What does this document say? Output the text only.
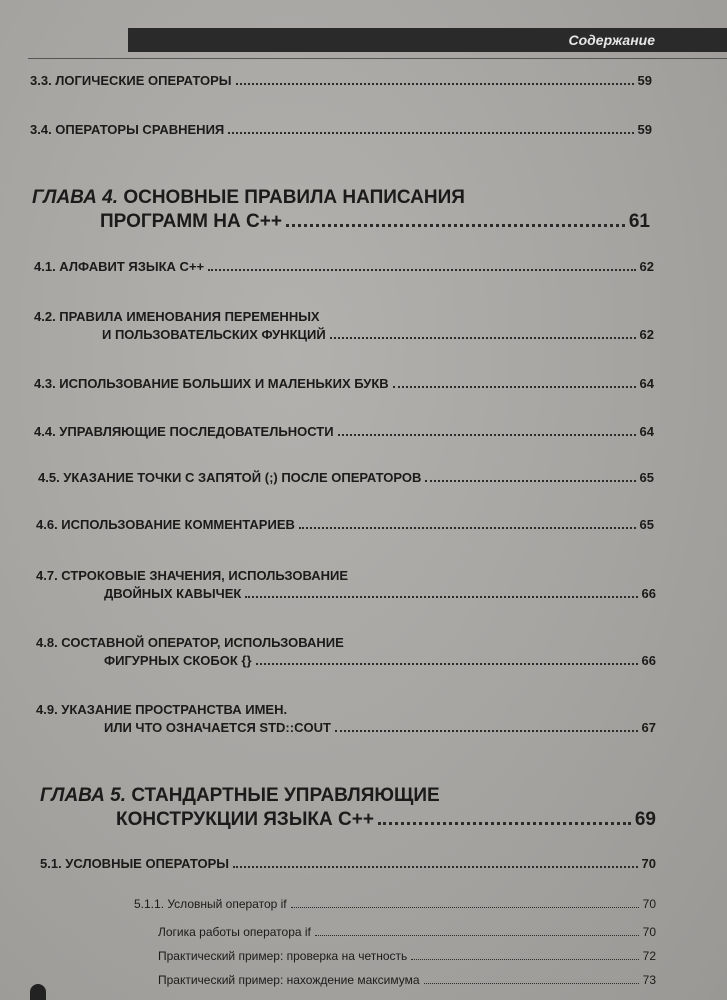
Содержание
3.3. ЛОГИЧЕСКИЕ ОПЕРАТОРЫ	59
3.4. ОПЕРАТОРЫ СРАВНЕНИЯ	59
ГЛАВА 4. ОСНОВНЫЕ ПРАВИЛА НАПИСАНИЯ
ПРОГРАММ НА C++	61
4.1. АЛФАВИТ ЯЗЫКА C++	62
4.2. ПРАВИЛА ИМЕНОВАНИЯ ПЕРЕМЕННЫХ
И ПОЛЬЗОВАТЕЛЬСКИХ ФУНКЦИЙ	62
4.3. ИСПОЛЬЗОВАНИЕ БОЛЬШИХ И МАЛЕНЬКИХ БУКВ	64
4.4. УПРАВЛЯЮЩИЕ ПОСЛЕДОВАТЕЛЬНОСТИ	64
4.5. УКАЗАНИЕ ТОЧКИ С ЗАПЯТОЙ (;) ПОСЛЕ ОПЕРАТОРОВ	65
4.6. ИСПОЛЬЗОВАНИЕ КОММЕНТАРИЕВ	65
4.7. СТРОКОВЫЕ ЗНАЧЕНИЯ, ИСПОЛЬЗОВАНИЕ
ДВОЙНЫХ КАВЫЧЕК	66
4.8. СОСТАВНОЙ ОПЕРАТОР, ИСПОЛЬЗОВАНИЕ
ФИГУРНЫХ СКОБОК {}	66
4.9. УКАЗАНИЕ ПРОСТРАНСТВА ИМЕН.
ИЛИ ЧТО ОЗНАЧАЕТСЯ STD::COUT	67
ГЛАВА 5. СТАНДАРТНЫЕ УПРАВЛЯЮЩИЕ
КОНСТРУКЦИИ ЯЗЫКА C++	69
5.1. УСЛОВНЫЕ ОПЕРАТОРЫ	70
5.1.1. Условный оператор if	70
Логика работы оператора if	70
Практический пример: проверка на четность	72
Практический пример: нахождение максимума	73
